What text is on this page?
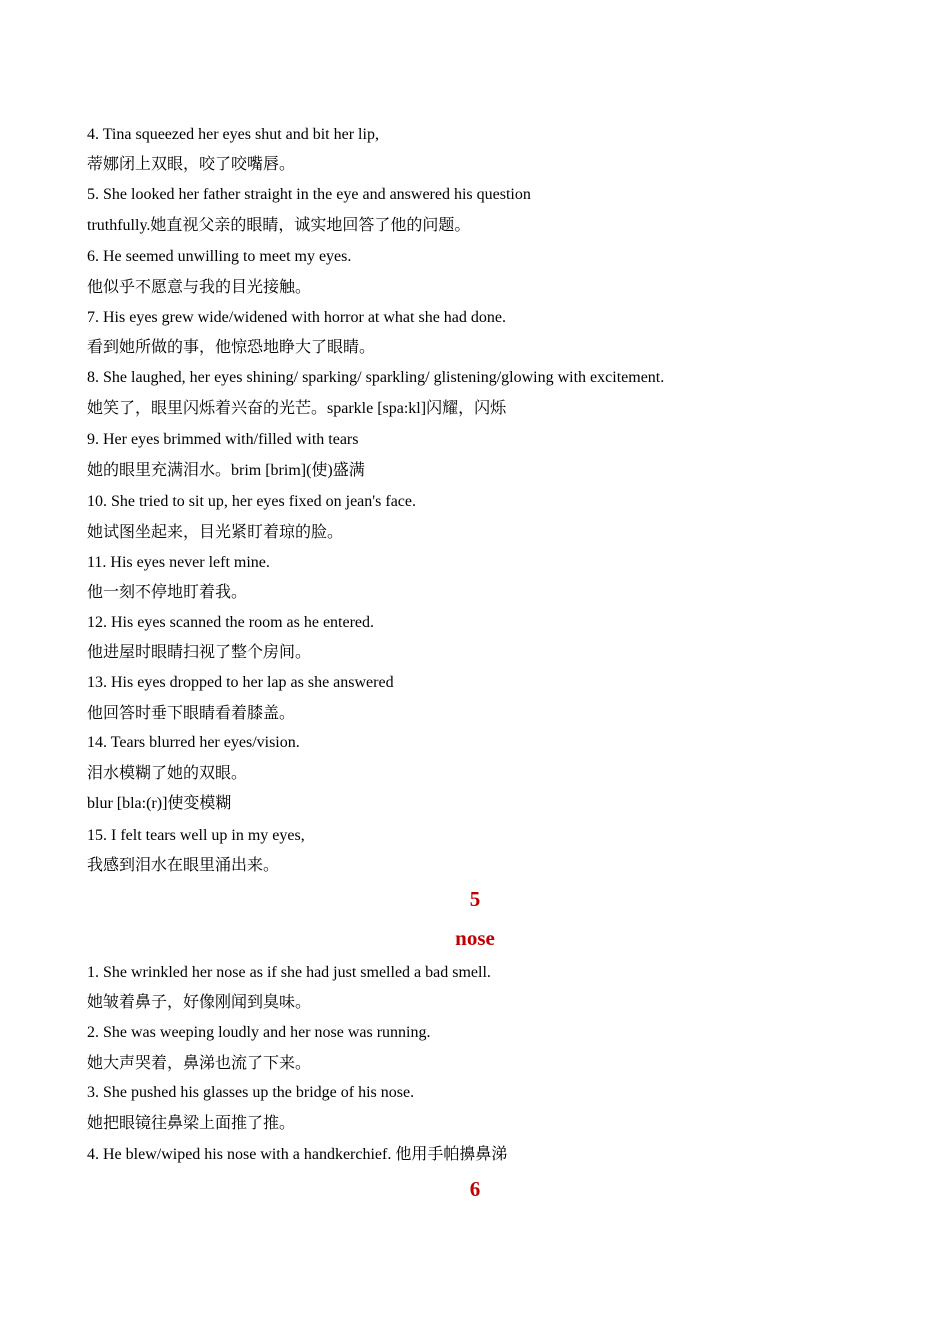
4. Tina squeezed her eyes shut and bit her lip,
蒂娜闭上双眼，咬了咬嘴唇。
5. She looked her father straight in the eye and answered his question
truthfully.她直视父亲的眼睛，诚实地回答了他的问题。
6. He seemed unwilling to meet my eyes.
他似乎不愿意与我的目光接触。
7. His eyes grew wide/widened with horror at what she had done.
看到她所做的事，他惊恐地睁大了眼睛。
8. She laughed, her eyes shining/ sparking/ sparkling/ glistening/glowing with excitement.
她笑了，眼里闪烁着兴奋的光芒。sparkle [spa:kl]闪耀，闪烁
9. Her eyes brimmed with/filled with tears
她的眼里充满泪水。brim [brim](使)盛满
10. She tried to sit up, her eyes fixed on jean's face.
她试图坐起来，目光紧盯着琼的脸。
11. His eyes never left mine.
他一刻不停地盯着我。
12. His eyes scanned the room as he entered.
他进屋时眼睛扫视了整个房间。
13. His eyes dropped to her lap as she answered
他回答时垂下眼睛看着膝盖。
14. Tears blurred her eyes/vision.
泪水模糊了她的双眼。
blur [bla:(r)]使变模糊
15. I felt tears well up in my eyes,
我感到泪水在眼里涌出来。
5
nose
1. She wrinkled her nose as if she had just smelled a bad smell.
她皱着鼻子，好像刚闻到臭味。
2. She was weeping loudly and her nose was running.
她大声哭着，鼻涕也流了下来。
3. She pushed his glasses up the bridge of his nose.
她把眼镜往鼻梁上面推了推。
4. He blew/wiped his nose with a handkerchief. 他用手帕擤鼻涕
6
